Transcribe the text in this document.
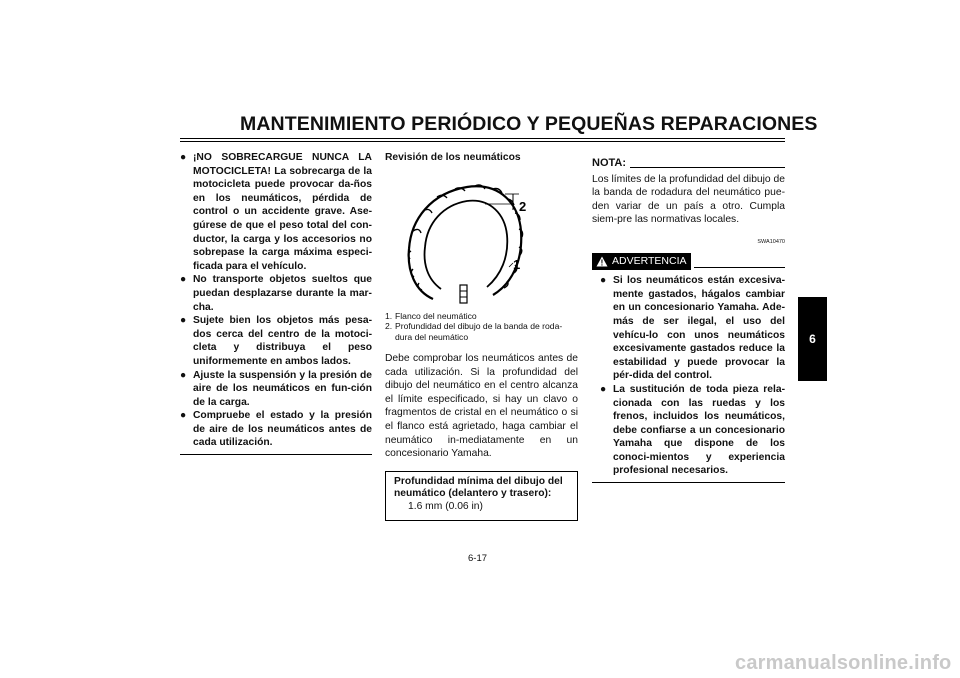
MANTENIMIENTO PERIÓDICO Y PEQUEÑAS REPARACIONES
● ¡NO SOBRECARGUE NUNCA LA MOTOCICLETA! La sobrecarga de la motocicleta puede provocar da-ños en los neumáticos, pérdida de control o un accidente grave. Ase-gúrese de que el peso total del con-ductor, la carga y los accesorios no sobrepase la carga máxima especi-ficada para el vehículo.
● No transporte objetos sueltos que puedan desplazarse durante la mar-cha.
● Sujete bien los objetos más pesa-dos cerca del centro de la motoci-cleta y distribuya el peso uniformemente en ambos lados.
● Ajuste la suspensión y la presión de aire de los neumáticos en fun-ción de la carga.
● Compruebe el estado y la presión de aire de los neumáticos antes de cada utilización.
Revisión de los neumáticos
2
1
1. Flanco del neumático
2. Profundidad del dibujo de la banda de roda-dura del neumático
Debe comprobar los neumáticos antes de cada utilización. Si la profundidad del dibujo del neumático en el centro alcanza el límite especificado, si hay un clavo o fragmentos de cristal en el neumático o si el flanco está agrietado, haga cambiar el neumático in-mediatamente en un concesionario Yamaha.
Profundidad mínima del dibujo del neumático (delantero y trasero):
1.6 mm (0.06 in)
NOTA:
Los límites de la profundidad del dibujo de la banda de rodadura del neumático pue-den variar de un país a otro. Cumpla siem-pre las normativas locales.
SWA10470
! ADVERTENCIA
● Si los neumáticos están excesiva-mente gastados, hágalos cambiar en un concesionario Yamaha. Ade-más de ser ilegal, el uso del vehícu-lo con unos neumáticos excesivamente gastados reduce la estabilidad y puede provocar la pér-dida del control.
● La sustitución de toda pieza rela-cionada con las ruedas y los frenos, incluidos los neumáticos, debe confiarse a un concesionario Yamaha que dispone de los conoci-mientos y experiencia profesional necesarios.
6-17
6
carmanualsonline.info
